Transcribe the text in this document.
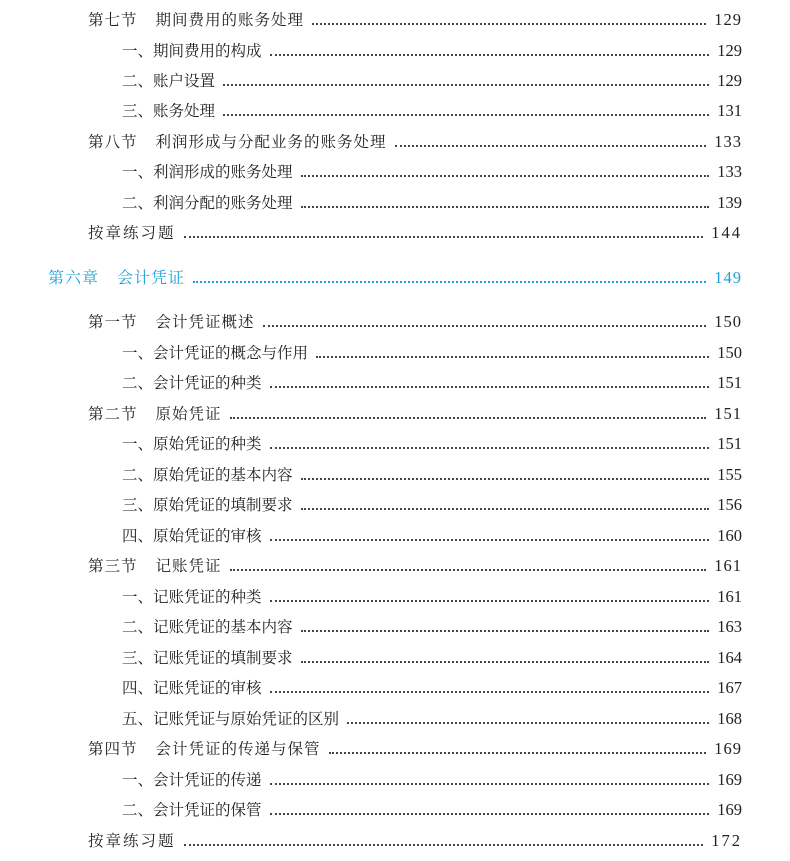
第七节 期间费用的账务处理	129
一、期间费用的构成	129
二、账户设置	129
三、账务处理	131
第八节 利润形成与分配业务的账务处理	133
一、利润形成的账务处理	133
二、利润分配的账务处理	139
按章练习题	144
第六章 会计凭证	149
第一节 会计凭证概述	150
一、会计凭证的概念与作用	150
二、会计凭证的种类	151
第二节 原始凭证	151
一、原始凭证的种类	151
二、原始凭证的基本内容	155
三、原始凭证的填制要求	156
四、原始凭证的审核	160
第三节 记账凭证	161
一、记账凭证的种类	161
二、记账凭证的基本内容	163
三、记账凭证的填制要求	164
四、记账凭证的审核	167
五、记账凭证与原始凭证的区别	168
第四节 会计凭证的传递与保管	169
一、会计凭证的传递	169
二、会计凭证的保管	169
按章练习题	172
